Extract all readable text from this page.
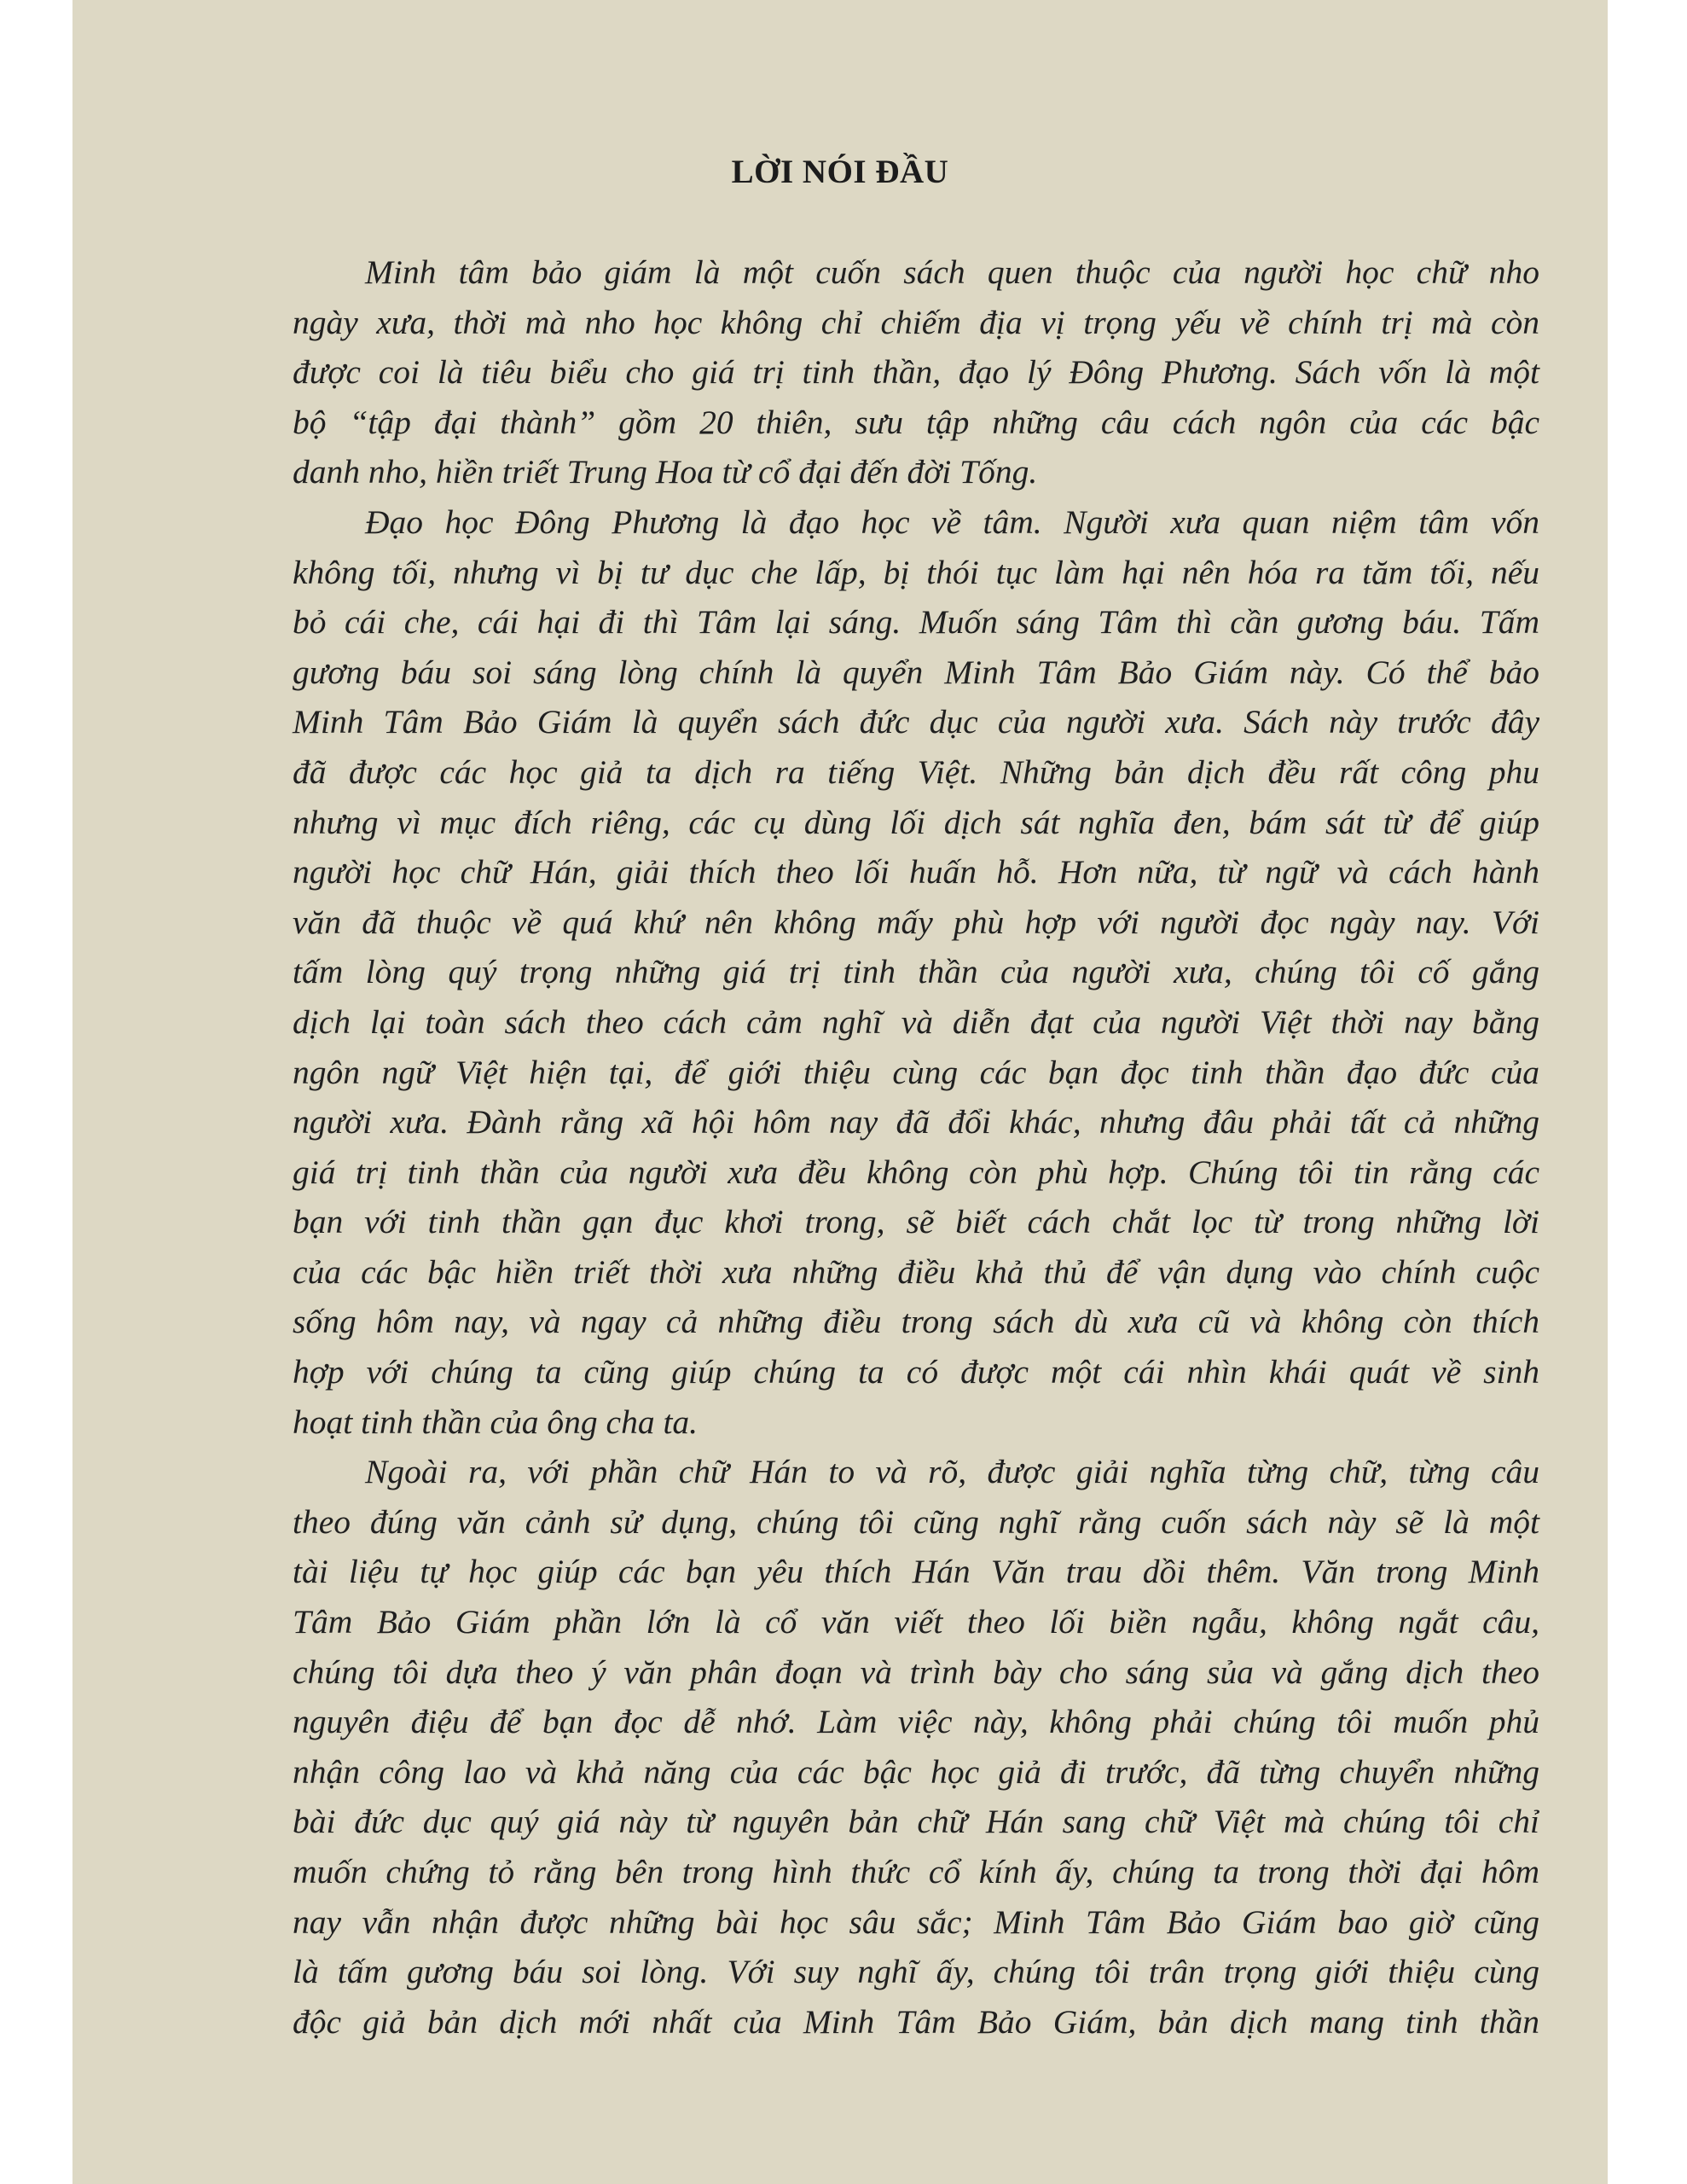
LỜI NÓI ĐẦU
Minh tâm bảo giám là một cuốn sách quen thuộc của người học chữ nho
ngày xưa, thời mà nho học không chỉ chiếm địa vị trọng yếu về chính trị mà còn
được coi là tiêu biểu cho giá trị tinh thần, đạo lý Đông Phương. Sách vốn là một
bộ “tập đại thành” gồm 20 thiên, sưu tập những câu cách ngôn của các bậc
danh nho, hiền triết Trung Hoa từ cổ đại đến đời Tống.
Đạo học Đông Phương là đạo học về tâm. Người xưa quan niệm tâm vốn
không tối, nhưng vì bị tư dục che lấp, bị thói tục làm hại nên hóa ra tăm tối, nếu
bỏ cái che, cái hại đi thì Tâm lại sáng. Muốn sáng Tâm thì cần gương báu. Tấm
gương báu soi sáng lòng chính là quyển Minh Tâm Bảo Giám này. Có thể bảo
Minh Tâm Bảo Giám là quyển sách đức dục của người xưa. Sách này trước đây
đã được các học giả ta dịch ra tiếng Việt. Những bản dịch đều rất công phu
nhưng vì mục đích riêng, các cụ dùng lối dịch sát nghĩa đen, bám sát từ để giúp
người học chữ Hán, giải thích theo lối huấn hỗ. Hơn nữa, từ ngữ và cách hành
văn đã thuộc về quá khứ nên không mấy phù hợp với người đọc ngày nay. Với
tấm lòng quý trọng những giá trị tinh thần của người xưa, chúng tôi cố gắng
dịch lại toàn sách theo cách cảm nghĩ và diễn đạt của người Việt thời nay bằng
ngôn ngữ Việt hiện tại, để giới thiệu cùng các bạn đọc tinh thần đạo đức của
người xưa. Đành rằng xã hội hôm nay đã đổi khác, nhưng đâu phải tất cả những
giá trị tinh thần của người xưa đều không còn phù hợp. Chúng tôi tin rằng các
bạn với tinh thần gạn đục khơi trong, sẽ biết cách chắt lọc từ trong những lời
của các bậc hiền triết thời xưa những điều khả thủ để vận dụng vào chính cuộc
sống hôm nay, và ngay cả những điều trong sách dù xưa cũ và không còn thích
hợp với chúng ta cũng giúp chúng ta có được một cái nhìn khái quát về sinh
hoạt tinh thần của ông cha ta.
Ngoài ra, với phần chữ Hán to và rõ, được giải nghĩa từng chữ, từng câu
theo đúng văn cảnh sử dụng, chúng tôi cũng nghĩ rằng cuốn sách này sẽ là một
tài liệu tự học giúp các bạn yêu thích Hán Văn trau dồi thêm. Văn trong Minh
Tâm Bảo Giám phần lớn là cổ văn viết theo lối biền ngẫu, không ngắt câu,
chúng tôi dựa theo ý văn phân đoạn và trình bày cho sáng sủa và gắng dịch theo
nguyên điệu để bạn đọc dễ nhớ. Làm việc này, không phải chúng tôi muốn phủ
nhận công lao và khả năng của các bậc học giả đi trước, đã từng chuyển những
bài đức dục quý giá này từ nguyên bản chữ Hán sang chữ Việt mà chúng tôi chỉ
muốn chứng tỏ rằng bên trong hình thức cổ kính ấy, chúng ta trong thời đại hôm
nay vẫn nhận được những bài học sâu sắc; Minh Tâm Bảo Giám bao giờ cũng
là tấm gương báu soi lòng. Với suy nghĩ ấy, chúng tôi trân trọng giới thiệu cùng
độc giả bản dịch mới nhất của Minh Tâm Bảo Giám, bản dịch mang tinh thần
